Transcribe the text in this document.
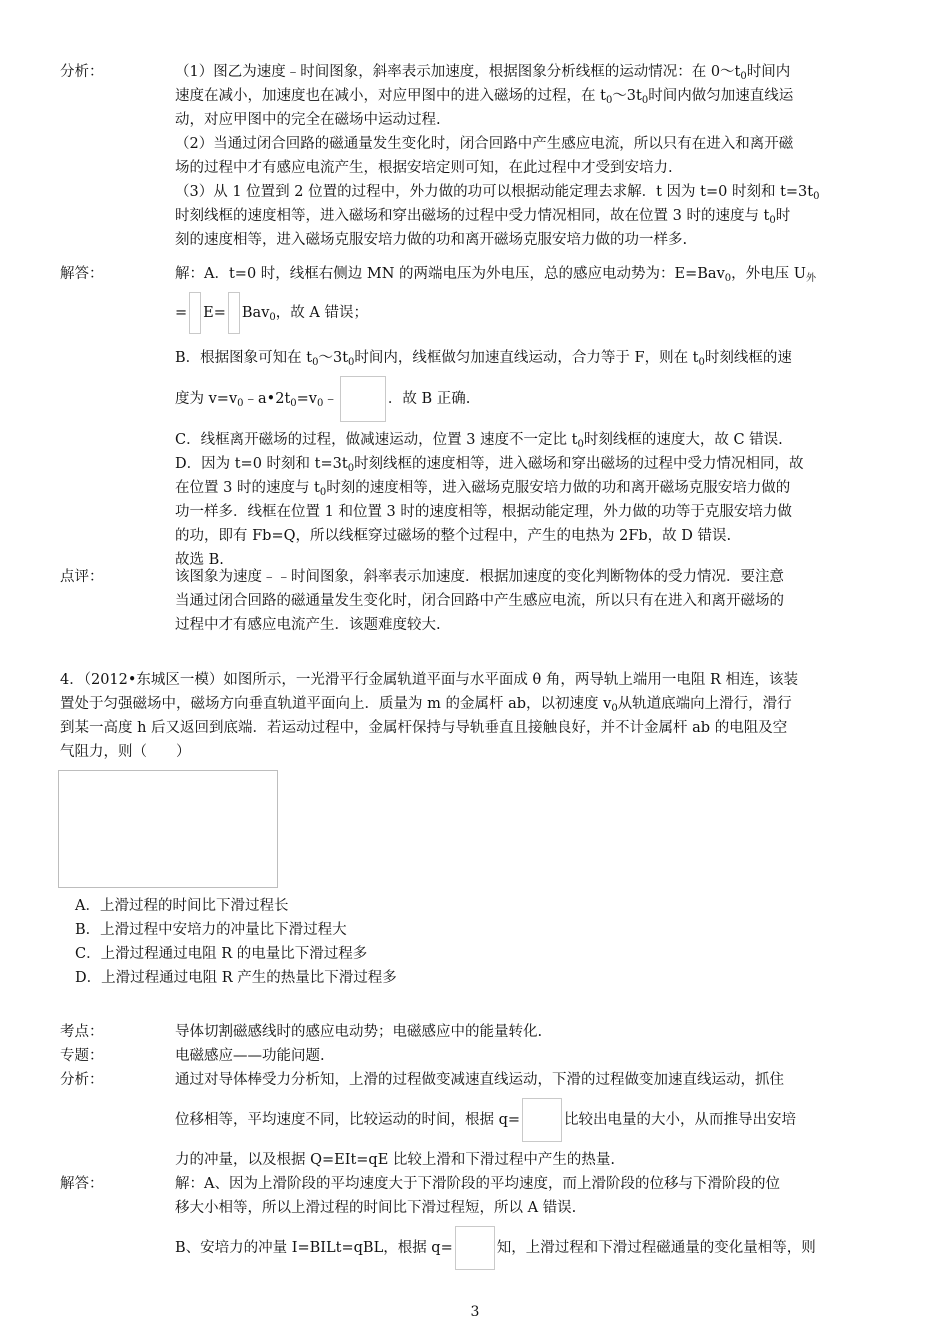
分析：	（1）图乙为速度﹣时间图象，斜率表示加速度，根据图象分析线框的运动情况：在 $0\sim t_0$时间内

速度在减小，加速度也在减小，对应甲图中的进入磁场的过程，在 $t_0\sim 3t_0$时间内做匀加速直线运

动，对应甲图中的完全在磁场中运动过程.

（2）当通过闭合回路的磁通量发生变化时，闭合回路中产生感应电流，所以只有在进入和离开磁

场的过程中才有感应电流产生，根据安培定则可知，在此过程中才受到安培力.

（3）从 1 位置到 2 位置的过程中，外力做的功可以根据动能定理去求解．t 因为 t=0 时刻和 $t=3t_0$

时刻线框的速度相等，进入磁场和穿出磁场的过程中受力情况相同，故在位置 3 时的速度与 $t_0$时

刻的速度相等，进入磁场克服安培力做的功和离开磁场克服安培力做的功一样多.

解答：	解：A．t=0 时，线框右侧边 MN 的两端电压为外电压，总的感应电动势为：E=Bav$_0$，外电压 $U_外$

= E= Bav$_0$，故 A 错误；

B．根据图象可知在 $t_0\sim 3t_0$时间内，线框做匀加速直线运动，合力等于 F，则在 $t_0$时刻线框的速

度为 $v=v_0﹣a•2t_0=v_0﹣$	．故 B 正确.

C．线框离开磁场的过程，做减速运动，位置 3 速度不一定比 $t_0$时刻线框的速度大，故 C 错误.

D．因为 t=0 时刻和 $t=3t_0$时刻线框的速度相等，进入磁场和穿出磁场的过程中受力情况相同，故

在位置 3 时的速度与 $t_0$时刻的速度相等，进入磁场克服安培力做的功和离开磁场克服安培力做的

功一样多．线框在位置 1 和位置 3 时的速度相等，根据动能定理，外力做的功等于克服安培力做

的功，即有 Fb=Q，所以线框穿过磁场的整个过程中，产生的电热为 2Fb，故 D 错误.

故选 B.

点评：	该图象为速度﹣﹣时间图象，斜率表示加速度．根据加速度的变化判断物体的受力情况．要注意

当通过闭合回路的磁通量发生变化时，闭合回路中产生感应电流，所以只有在进入和离开磁场的

过程中才有感应电流产生．该题难度较大.

4．（2012•东城区一模）如图所示，一光滑平行金属轨道平面与水平面成 θ 角，两导轨上端用一电阻 R 相连，该装

置处于匀强磁场中，磁场方向垂直轨道平面向上．质量为 m 的金属杆 ab，以初速度 $v_0$从轨道底端向上滑行，滑行

到某一高度 h 后又返回到底端．若运动过程中，金属杆保持与导轨垂直且接触良好，并不计金属杆 ab 的电阻及空

气阻力，则（　　）

A．上滑过程的时间比下滑过程长
B．上滑过程中安培力的冲量比下滑过程大
C．上滑过程通过电阻 R 的电量比下滑过程多
D．上滑过程通过电阻 R 产生的热量比下滑过程多
考点：	导体切割磁感线时的感应电动势；电磁感应中的能量转化.
专题：	电磁感应——功能问题.
分析：	通过对导体棒受力分析知，上滑的过程做变减速直线运动，下滑的过程做变加速直线运动，抓住

位移相等，平均速度不同，比较运动的时间，根据 q=	比较出电量的大小，从而推导出安培

力的冲量，以及根据 Q=EIt=qE 比较上滑和下滑过程中产生的热量.

解答：	解：A、因为上滑阶段的平均速度大于下滑阶段的平均速度，而上滑阶段的位移与下滑阶段的位

移大小相等，所以上滑过程的时间比下滑过程短，所以 A 错误.

B、安培力的冲量 I=BILt=qBL，根据 q=	知，上滑过程和下滑过程磁通量的变化量相等，则

3
